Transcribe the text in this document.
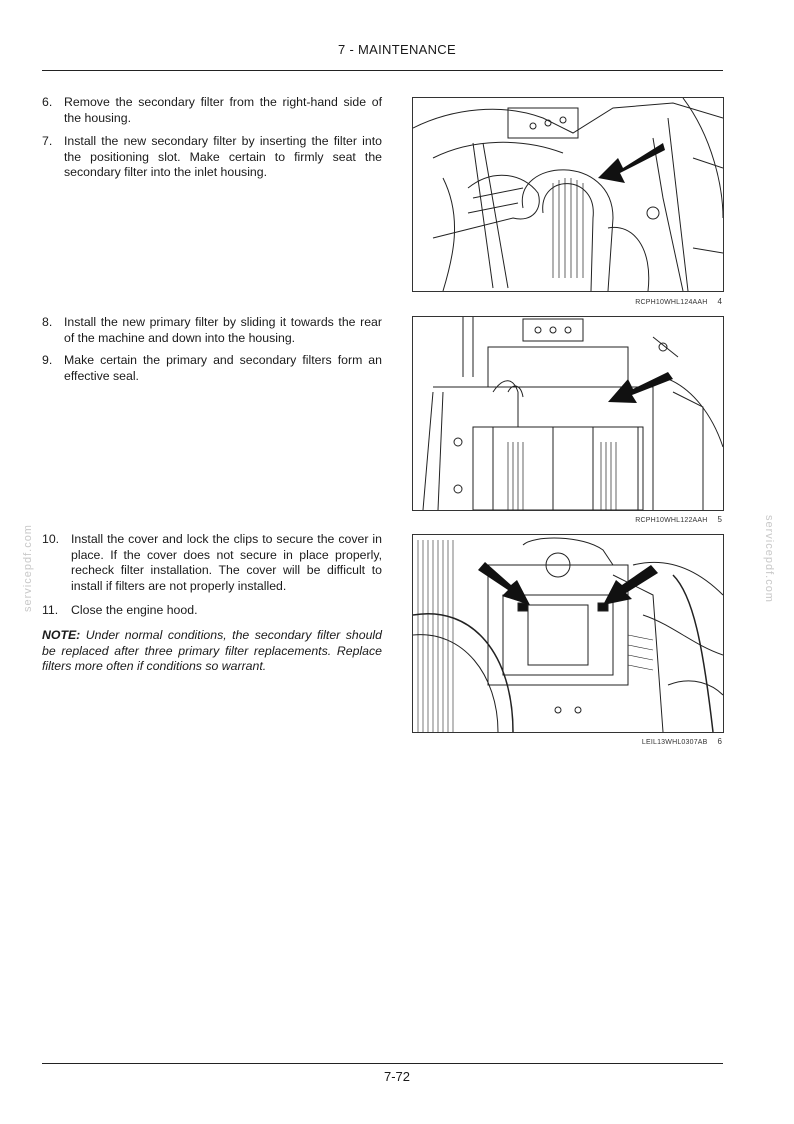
7 - MAINTENANCE
6. Remove the secondary filter from the right-hand side of the housing.
7. Install the new secondary filter by inserting the filter into the positioning slot. Make certain to firmly seat the secondary filter into the inlet housing.
8. Install the new primary filter by sliding it towards the rear of the machine and down into the housing.
9. Make certain the primary and secondary filters form an effective seal.
10. Install the cover and lock the clips to secure the cover in place. If the cover does not secure in place properly, recheck filter installation. The cover will be difficult to install if filters are not properly installed.
11. Close the engine hood.
NOTE: Under normal conditions, the secondary filter should be replaced after three primary filter replacements. Replace filters more often if conditions so warrant.
RCPH10WHL124AAH 4
RCPH10WHL122AAH 5
LEIL13WHL0307AB 6
servicepdf.com	servicepdf.com
7-72
